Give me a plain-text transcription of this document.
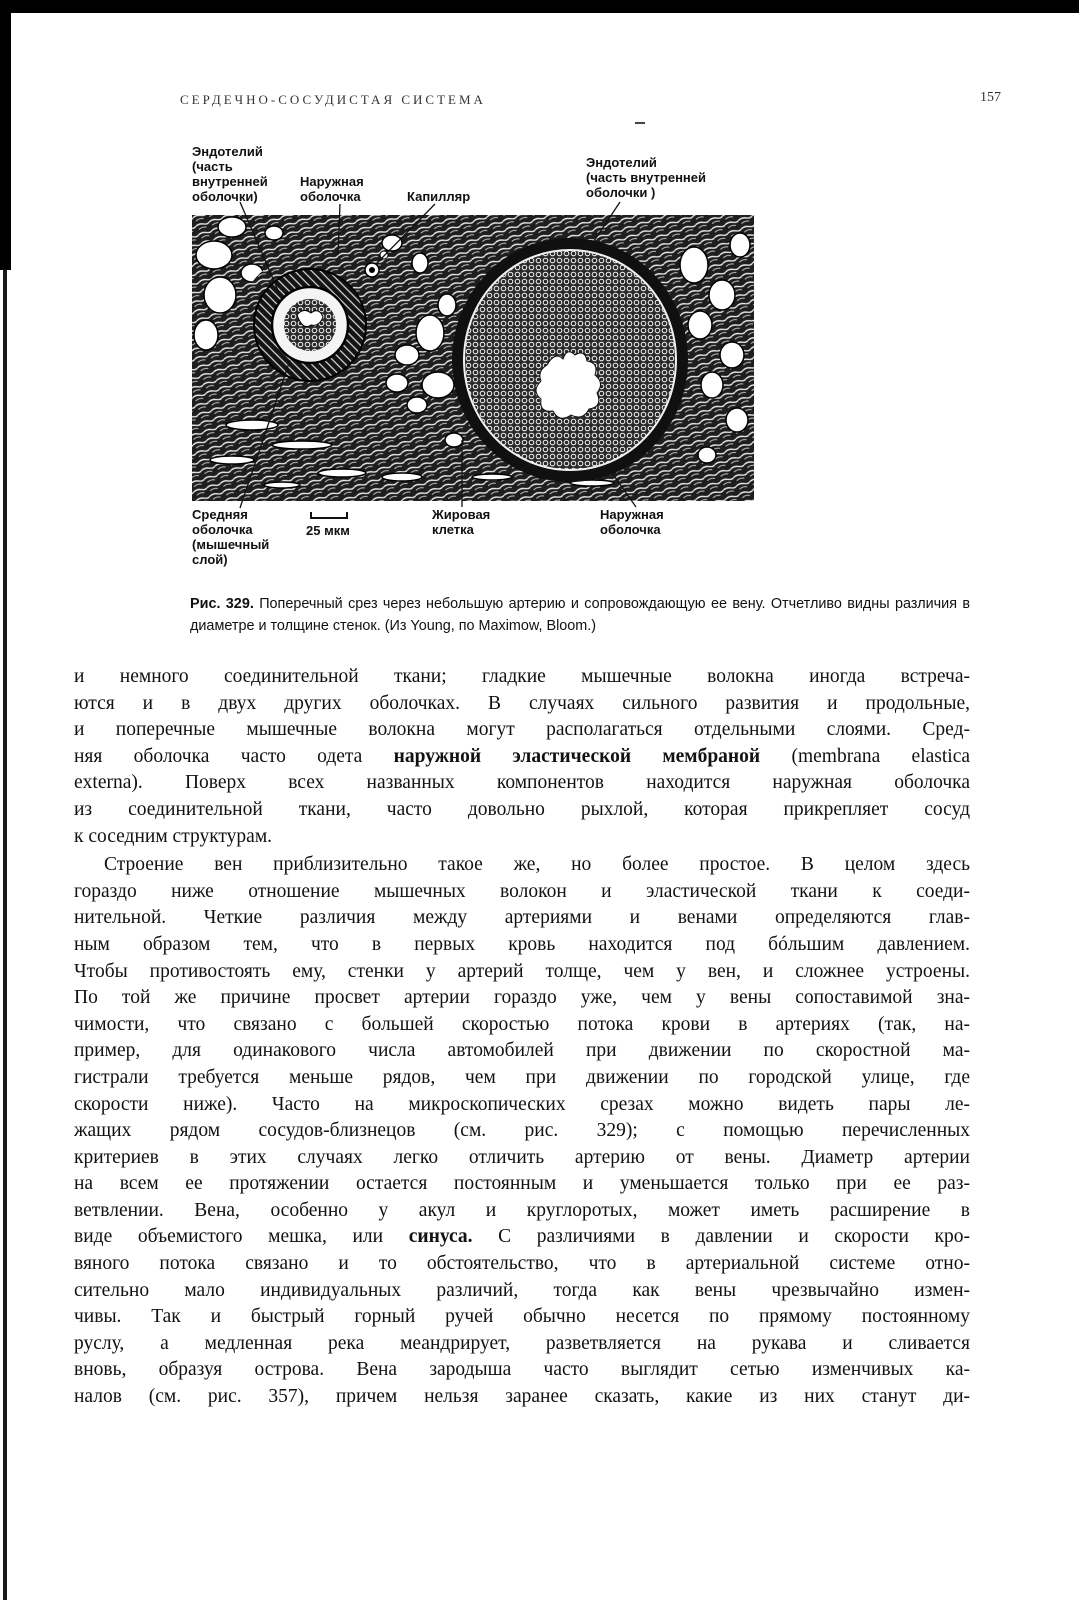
СЕРДЕЧНО-СОСУДИСТАЯ СИСТЕМА	157
Эндотелий
(часть
внутренней
оболочки)
Наружная
оболочка	Капилляр
Эндотелий
(часть внутренней
оболочки )
Средняя
оболочка
(мышечный
слой)
25 мкм
Жировая
клетка
Наружная
оболочка
Рис. 329. Поперечный срез через небольшую артерию и сопровождающую ее вену. Отчетливо видны различия в диаметре и толщине стенок. (Из Young, по Maximow, Bloom.)
и немного соединительной ткани; гладкие мышечные волокна иногда встреча-
ются и в двух других оболочках. В случаях сильного развития и продольные,
и поперечные мышечные волокна могут располагаться отдельными слоями. Сред-
няя оболочка часто одета наружной эластической мембраной (membrana elastica
externa). Поверх всех названных компонентов находится наружная оболочка
из соединительной ткани, часто довольно рыхлой, которая прикрепляет сосуд
к соседним структурам.
Строение вен приблизительно такое же, но более простое. В целом здесь
гораздо ниже отношение мышечных волокон и эластической ткани к соеди-
нительной. Четкие различия между артериями и венами определяются глав-
ным образом тем, что в первых кровь находится под бóльшим давлением.
Чтобы противостоять ему, стенки у артерий толще, чем у вен, и сложнее устроены.
По той же причине просвет артерии гораздо уже, чем у вены сопоставимой зна-
чимости, что связано с большей скоростью потока крови в артериях (так, на-
пример, для одинакового числа автомобилей при движении по скоростной ма-
гистрали требуется меньше рядов, чем при движении по городской улице, где
скорости ниже). Часто на микроскопических срезах можно видеть пары ле-
жащих рядом сосудов-близнецов (см. рис. 329); с помощью перечисленных
критериев в этих случаях легко отличить артерию от вены. Диаметр артерии
на всем ее протяжении остается постоянным и уменьшается только при ее раз-
ветвлении. Вена, особенно у акул и круглоротых, может иметь расширение в
виде объемистого мешка, или синуса. С различиями в давлении и скорости кро-
вяного потока связано и то обстоятельство, что в артериальной системе отно-
сительно мало индивидуальных различий, тогда как вены чрезвычайно измен-
чивы. Так и быстрый горный ручей обычно несется по прямому постоянному
руслу, а медленная река меандрирует, разветвляется на рукава и сливается
вновь, образуя острова. Вена зародыша часто выглядит сетью изменчивых ка-
налов (см. рис. 357), причем нельзя заранее сказать, какие из них станут ди-
